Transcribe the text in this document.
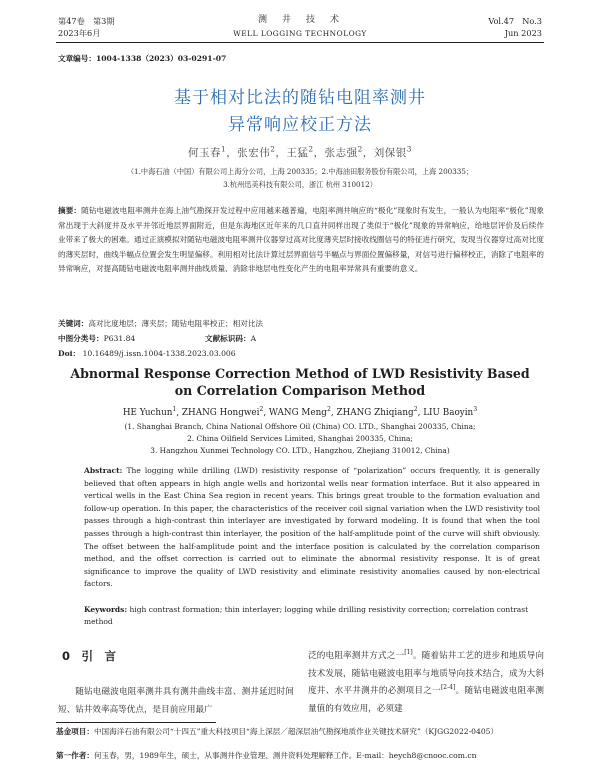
第47卷　第3期
2023年6月
测　井　技　术
WELL LOGGING TECHNOLOGY
Vol.47　No.3
Jun 2023
文章编号：1004-1338（2023）03-0291-07
基于相对比法的随钻电阻率测井
异常响应校正方法
何玉春$^1$，张宏伟$^2$，王猛$^2$，张志强$^2$，刘保银$^3$
（1.中海石油（中国）有限公司上海分公司，上海 200335；2.中海油田服务股份有限公司，上海 200335；
3.杭州迅美科技有限公司，浙江 杭州 310012）
摘要：随钻电磁波电阻率测井在海上油气勘探开发过程中应用越来越普遍，电阻率测井响应的“极化”现象时有发生，一般认为电阻率“极化”现象常出现于大斜度井及水平井邻近地层界面附近，但是东海地区近年来的几口直井同样出现了类似于“极化”现象的异常响应，给地层评价及后续作业带来了极大的困难。通过正演模拟对随钻电磁波电阻率测井仪器穿过高对比度薄夹层时接收线圈信号的特征进行研究，发现当仪器穿过高对比度的薄夹层时，曲线半幅点位置会发生明显偏移。利用相对比法计算过层界面信号半幅点与界面位置偏移量，对信号进行偏移校正，消除了电阻率的异常响应，对提高随钻电磁波电阻率测井曲线质量、消除非地层电性变化产生的电阻率异常具有重要的意义。
关键词：高对比度地层；薄夹层；随钻电阻率校正；相对比法
中图分类号：P631.84	文献标识码：A
Doi： 10.16489/j.issn.1004-1338.2023.03.006
Abnormal Response Correction Method of LWD Resistivity Based
on Correlation Comparison Method
HE Yuchun$^1$, ZHANG Hongwei$^2$, WANG Meng$^2$, ZHANG Zhiqiang$^2$, LIU Baoyin$^3$
(1. Shanghai Branch, China National Offshore Oil (China) CO. LTD., Shanghai 200335, China;
2. China Oilfield Services Limited, Shanghai 200335, China;
3. Hangzhou Xunmei Technology CO. LTD., Hangzhou, Zhejiang 310012, China)
Abstract: The logging while drilling (LWD) resistivity response of “polarization” occurs frequently, it is generally believed that often appears in high angle wells and horizontal wells near formation interface. But it also appeared in vertical wells in the East China Sea region in recent years. This brings great trouble to the formation evaluation and follow-up operation. In this paper, the characteristics of the receiver coil signal variation when the LWD resistivity tool passes through a high-contrast thin interlayer are investigated by forward modeling. It is found that when the tool passes through a high-contrast thin interlayer, the position of the half-amplitude point of the curve will shift obviously. The offset between the half-amplitude point and the interface position is calculated by the correlation comparison method, and the offset correction is carried out to eliminate the abnormal resistivity response. It is of great significance to improve the quality of LWD resistivity and eliminate resistivity anomalies caused by non-electrical factors.
Keywords: high contrast formation; thin interlayer; logging while drilling resistivity correction; correlation contrast method
0　 引　言
随钻电磁波电阻率测井具有测井曲线丰富、测井延迟时间短、钻井效率高等优点，是目前应用最广
泛的电阻率测井方式之一[1]。随着钻井工艺的进步和地质导向技术发展，随钻电磁波电阻率与地质导向技术结合，成为大斜度井、水平井测井的必测项目之一[2-4]。随钻电磁波电阻率测量值的有效应用，必须建
基金项目：中国海洋石油有限公司“十四五”重大科技项目“海上深层／超深层油气勘探地质作业关键技术研究”（KJGG2022-0405）
第一作者：何玉春，男，1989年生，硕士，从事测井作业管理、测井资料处理解释工作。E-mail：heych8@cnooc.com.cn
